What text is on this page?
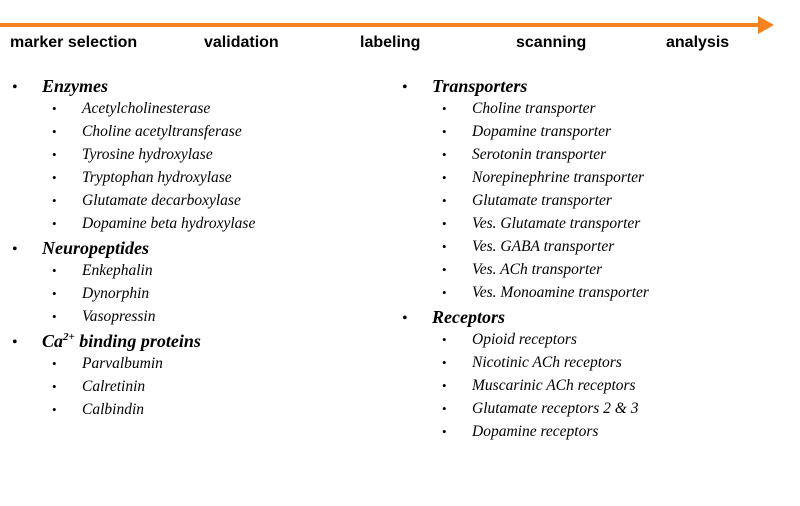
marker selection	validation	labeling	scanning	analysis
•	Enzymes
•	Acetylcholinesterase
•	Choline acetyltransferase
•	Tyrosine hydroxylase
•	Tryptophan hydroxylase
•	Glutamate decarboxylase
•	Dopamine beta hydroxylase
•	Neuropeptides
•	Enkephalin
•	Dynorphin
•	Vasopressin
•	$Ca^{2+}$ binding proteins
•	Parvalbumin
•	Calretinin
•	Calbindin
•	Transporters
•	Choline transporter
•	Dopamine transporter
•	Serotonin transporter
•	Norepinephrine transporter
•	Glutamate transporter
•	Ves. Glutamate transporter
•	Ves. GABA transporter
•	Ves. ACh transporter
•	Ves. Monoamine transporter
•	Receptors
•	Opioid receptors
•	Nicotinic ACh receptors
•	Muscarinic ACh receptors
•	Glutamate receptors 2 & 3
•	Dopamine receptors
